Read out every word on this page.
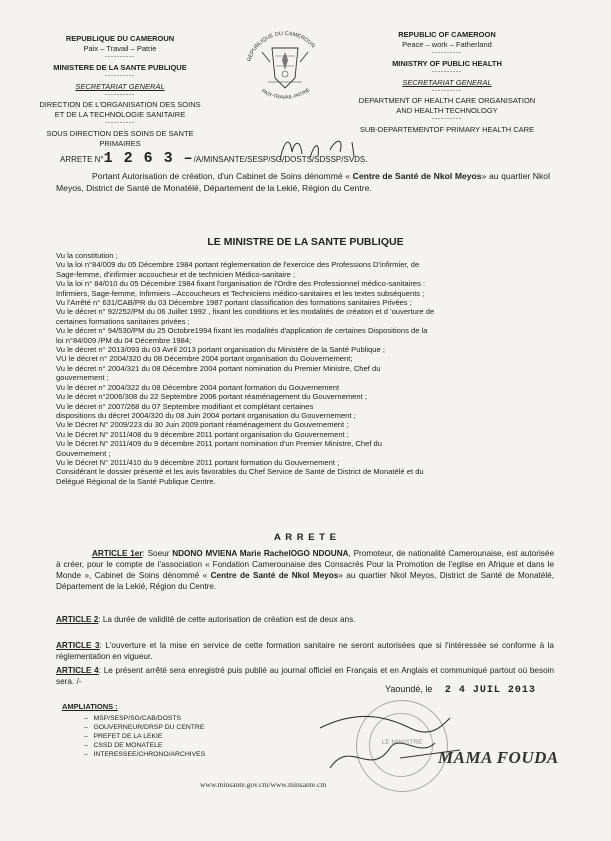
REPUBLIQUE DU CAMEROUN
Paix – Travail – Patrie
----------
MINISTERE DE LA SANTE PUBLIQUE
----------
SECRETARIAT GENERAL
----------
DIRECTION DE L'ORGANISATION DES SOINS ET DE LA TECHNOLOGIE SANITAIRE
----------
SOUS DIRECTION DES SOINS DE SANTE PRIMAIRES
REPUBLIQUE DU CAMEROUN
PAIX-TRAVAIL-PATRIE
REPUBLIC OF CAMEROON
Peace – work – Fatherland
----------
MINISTRY OF PUBLIC HEALTH
----------
SECRETARIAT GENERAL
----------
DEPARTMENT OF HEALTH CARE ORGANISATION AND HEALTH TECHNOLOGY
----------
SUB-DEPARTEMENTOF PRIMARY HEALTH CARE
ARRETE N°1 2 6 3 –/A/MINSANTE/SESP/SG/DOSTS/SDSSP/SVDS.
Portant Autorisation de création, d'un Cabinet de Soins dénommé « Centre de Santé de Nkol Meyos» au quartier Nkol Meyos, District de Santé de Monatélé, Département de la Lekié, Région du Centre.
LE MINISTRE DE LA SANTE PUBLIQUE
Vu la constitution ;
Vu la loi n°84/009 du 05 Décembre 1984 portant réglementation de l'exercice des Professions D'infirmier, de
Sage-femme, d'infirmier accoucheur et de technicien Médico-sanitaire ;
Vu la loi n° 84/010 du 05 Décembre 1984 fixant l'organisation de l'Ordre des Professionnel médico-sanitaires :
Infirmiers, Sage-femme, Infirmiers –Accoucheurs et Techniciens médico-sanitaires et les textes subséquents ;
Vu l'Arrêté n° 631/CAB/PR du 03 Décembre 1987 portant classification des formations sanitaires Privées ;
Vu le décret n° 92/252/PM du 06 Juillet 1992 , fixant les conditions et les modalités de création et d 'ouverture de
certaines formations sanitaires privées ;
Vu le décret n° 94/530/PM du 25 Octobre1994 fixant les modalités d'application de certaines Dispositions de la
loi n°84/009 /PM du 04 Décembre 1984;
Vu le décret n° 2013/093 du 03 Avril 2013 portant organisation du Ministère de la Santé Publique ;
VU le décret n° 2004/320 du 08 Décembre 2004 portant organisation du Gouvernement;
Vu le décret n° 2004/321 du 08 Décembre 2004 portant nomination du Premier Ministre, Chef du
gouvernement ;
Vu le décret n° 2004/322 du 08 Décembre 2004 portant formation du Gouvernement
Vu le décret n°2006/308 du 22 Septembre 2006 portant réaménagement du Gouvernement ;
Vu le décret n° 2007/268 du 07 Septembre modifiant et complétant certaines
dispositions du décret 2004/320 du 08 Juin 2004 portant organisation du Gouvernement ;
Vu le Décret N° 2009/223 du 30 Juin 2009 portant réaménagement du Gouvernement ;
Vu le Décret N° 2011/408 du 9 décembre 2011 portant organisation du Gouvernement ;
Vu le Décret N° 2011/409 du 9 décembre 2011 portant nomination d'un Premier Ministre, Chef du
Gouvernement ;
Vu le Décret N° 2011/410 du 9 décembre 2011 portant formation du Gouvernement ;
Considérant le dossier présenté et les avis favorables du Chef Service de Santé de District de Monatélé et du
Délégué Régional de la Santé Publique Centre.
A R R E T E
ARTICLE 1er: Soeur NDONO MVIENA Marie RachelOGO NDOUNA, Promoteur, de nationalité Camerounaise, est autorisée à créer, pour le compte de l'association « Fondation Camerounaise des Consacrés Pour la Promotion de l'eglise en Afrique et dans le Monde », Cabinet de Soins dénommé « Centre de Santé de Nkol Meyos» au quartier Nkol Meyos, District de Santé de Monatélé, Département de la Lekié, Région du Centre.
ARTICLE 2: La durée de validité de cette autorisation de création est de deux ans.
ARTICLE 3: L'ouverture et la mise en service de cette formation sanitaire ne seront autorisées que si l'intéressée se conforme à la réglementation en vigueur.
ARTICLE 4: Le présent arrêté sera enregistré puis publié au journal officiel en Français et en Anglais et communiqué partout où besoin sera. /-
Yaoundé, le 2 4 JUIL 2013
LE MINISTRE
MAMA FOUDA
AMPLIATIONS :
–   MSP/SESP/SG/CAB/DOSTS
–   GOUVERNEUR/DRSP DU CENTRE
–   PREFET DE LA LEKIE
–   CSSD DE MONATELE
–   INTERESSEE/CHRONO/ARCHIVES
www.minsante.gov.cm/www.minsante.cm
